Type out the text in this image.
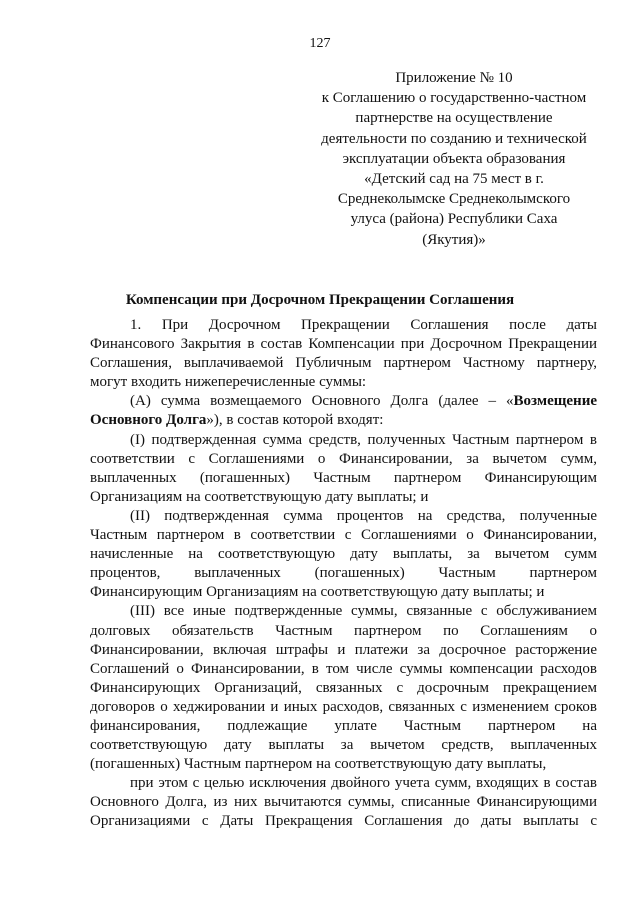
127
Приложение № 10
к Соглашению о государственно-частном
партнерстве на осуществление
деятельности по созданию и технической
эксплуатации объекта образования
«Детский сад на 75 мест в г.
Среднеколымске Среднеколымского
улуса (района) Республики Саха
(Якутия)»
Компенсации при Досрочном Прекращении Соглашения
1. При Досрочном Прекращении Соглашения после даты
Финансового Закрытия в состав Компенсации при Досрочном Прекращении
Соглашения, выплачиваемой Публичным партнером Частному партнеру,
могут входить нижеперечисленные суммы:
(А) сумма возмещаемого Основного Долга (далее – «Возмещение
Основного Долга»), в состав которой входят:
(I) подтвержденная сумма средств, полученных Частным партнером в
соответствии с Соглашениями о Финансировании, за вычетом сумм,
выплаченных (погашенных) Частным партнером Финансирующим
Организациям на соответствующую дату выплаты; и
(II) подтвержденная сумма процентов на средства, полученные
Частным партнером в соответствии с Соглашениями о Финансировании,
начисленные на соответствующую дату выплаты, за вычетом сумм
процентов, выплаченных (погашенных) Частным партнером
Финансирующим Организациям на соответствующую дату выплаты; и
(III) все иные подтвержденные суммы, связанные с обслуживанием
долговых обязательств Частным партнером по Соглашениям о
Финансировании, включая штрафы и платежи за досрочное расторжение
Соглашений о Финансировании, в том числе суммы компенсации расходов
Финансирующих Организаций, связанных с досрочным прекращением
договоров о хеджировании и иных расходов, связанных с изменением сроков
финансирования, подлежащие уплате Частным партнером на
соответствующую дату выплаты за вычетом средств, выплаченных
(погашенных) Частным партнером на соответствующую дату выплаты,
при этом с целью исключения двойного учета сумм, входящих в состав
Основного Долга, из них вычитаются суммы, списанные Финансирующими
Организациями с Даты Прекращения Соглашения до даты выплаты с
